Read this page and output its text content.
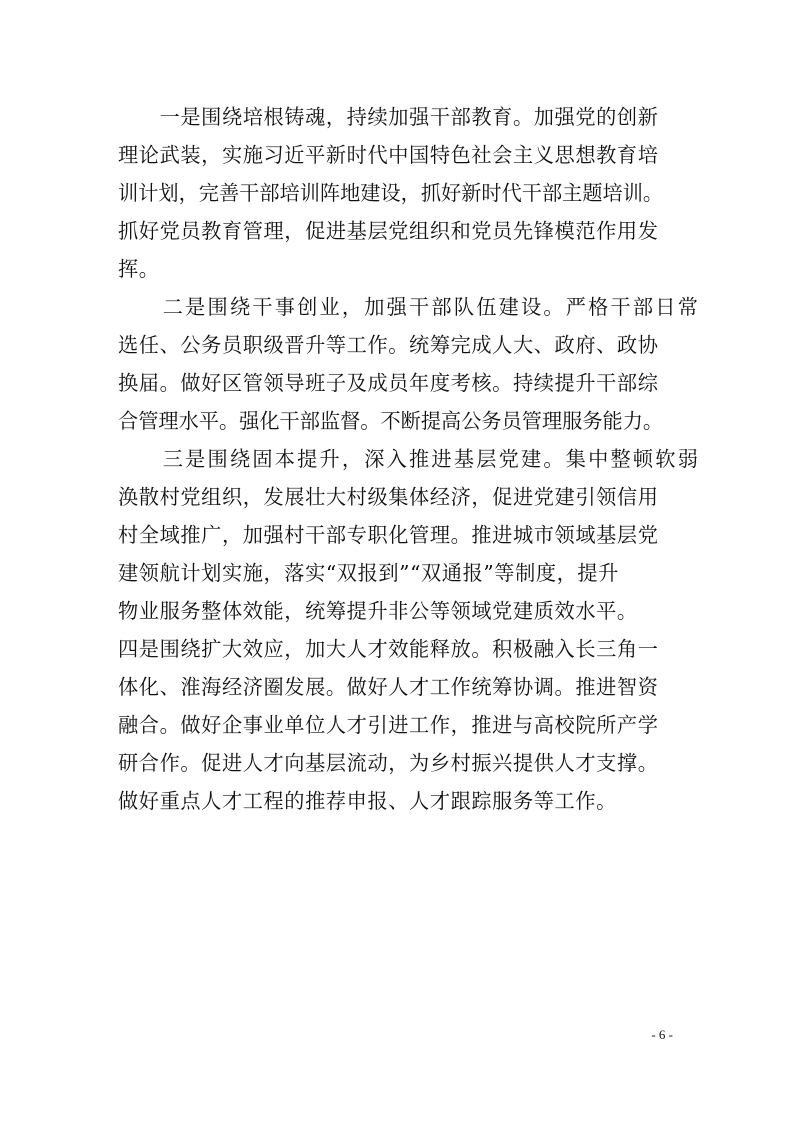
　　一是围绕培根铸魂，持续加强干部教育。加强党的创新
理论武装，实施习近平新时代中国特色社会主义思想教育培
训计划，完善干部培训阵地建设，抓好新时代干部主题培训。
抓好党员教育管理，促进基层党组织和党员先锋模范作用发
挥。
　　二是围绕干事创业，加强干部队伍建设。严格干部日常
选任、公务员职级晋升等工作。统筹完成人大、政府、政协
换届。做好区管领导班子及成员年度考核。持续提升干部综
合管理水平。强化干部监督。不断提高公务员管理服务能力。
　　三是围绕固本提升，深入推进基层党建。集中整顿软弱
涣散村党组织，发展壮大村级集体经济，促进党建引领信用
村全域推广，加强村干部专职化管理。推进城市领域基层党
建领航计划实施，落实“双报到”“双通报”等制度，提升
物业服务整体效能，统筹提升非公等领域党建质效水平。
四是围绕扩大效应，加大人才效能释放。积极融入长三角一
体化、淮海经济圈发展。做好人才工作统筹协调。推进智资
融合。做好企事业单位人才引进工作，推进与高校院所产学
研合作。促进人才向基层流动，为乡村振兴提供人才支撑。
做好重点人才工程的推荐申报、人才跟踪服务等工作。
- 6 -
